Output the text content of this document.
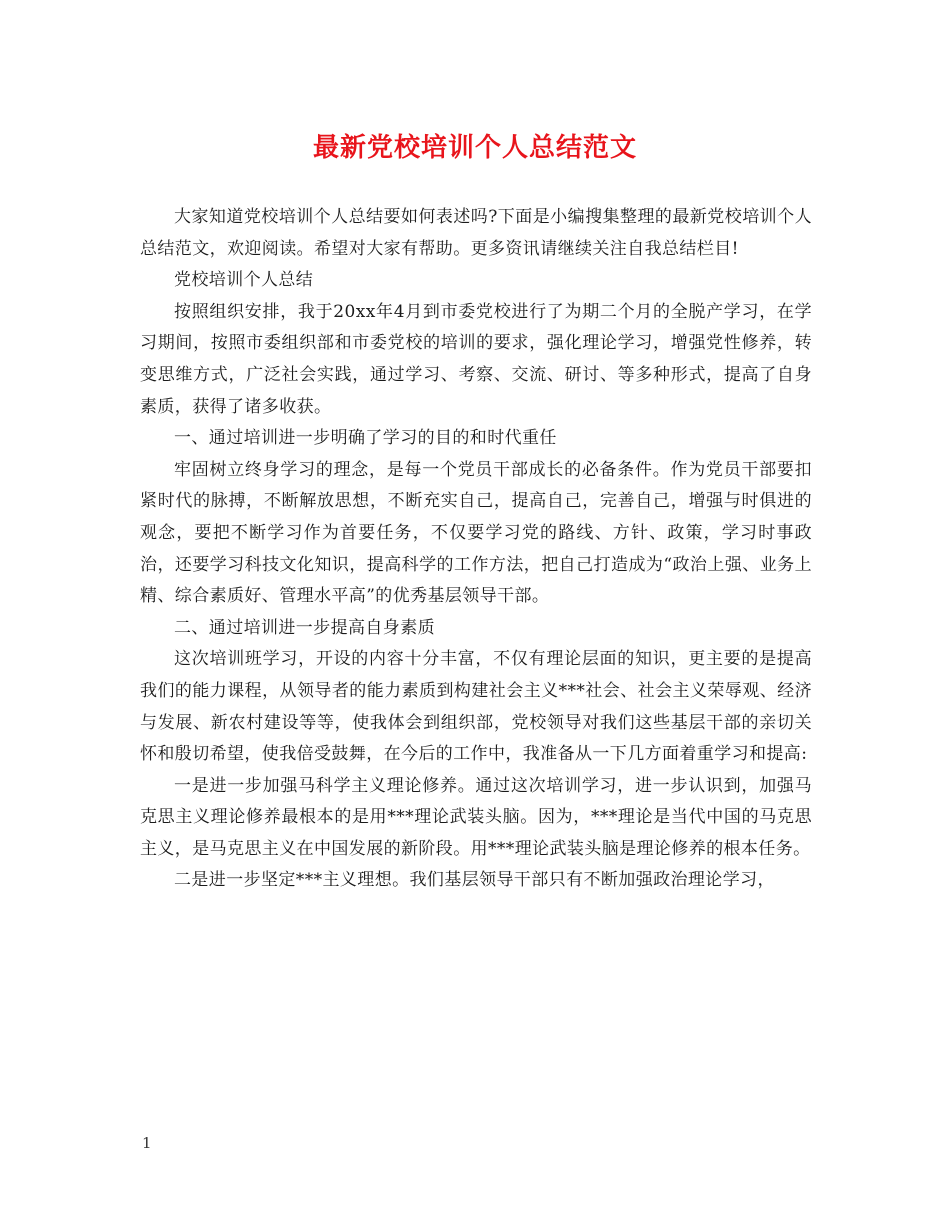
最新党校培训个人总结范文

大家知道党校培训个人总结要如何表述吗?下面是小编搜集整理的最新党校培训个人总结范文，欢迎阅读。希望对大家有帮助。更多资讯请继续关注自我总结栏目!

党校培训个人总结

按照组织安排，我于20xx年4月到市委党校进行了为期二个月的全脱产学习，在学习期间，按照市委组织部和市委党校的培训的要求，强化理论学习，增强党性修养，转变思维方式，广泛社会实践，通过学习、考察、交流、研讨、等多种形式，提高了自身素质，获得了诸多收获。

一、通过培训进一步明确了学习的目的和时代重任

牢固树立终身学习的理念，是每一个党员干部成长的必备条件。作为党员干部要扣紧时代的脉搏，不断解放思想，不断充实自己，提高自己，完善自己，增强与时俱进的观念，要把不断学习作为首要任务，不仅要学习党的路线、方针、政策，学习时事政治，还要学习科技文化知识，提高科学的工作方法，把自己打造成为“政治上强、业务上精、综合素质好、管理水平高”的优秀基层领导干部。

二、通过培训进一步提高自身素质

这次培训班学习，开设的内容十分丰富，不仅有理论层面的知识，更主要的是提高我们的能力课程，从领导者的能力素质到构建社会主义***社会、社会主义荣辱观、经济与发展、新农村建设等等，使我体会到组织部，党校领导对我们这些基层干部的亲切关怀和殷切希望，使我倍受鼓舞，在今后的工作中，我准备从一下几方面着重学习和提高:

一是进一步加强马科学主义理论修养。通过这次培训学习，进一步认识到，加强马克思主义理论修养最根本的是用***理论武装头脑。因为，***理论是当代中国的马克思主义，是马克思主义在中国发展的新阶段。用***理论武装头脑是理论修养的根本任务。

二是进一步坚定***主义理想。我们基层领导干部只有不断加强政治理论学习，

1
